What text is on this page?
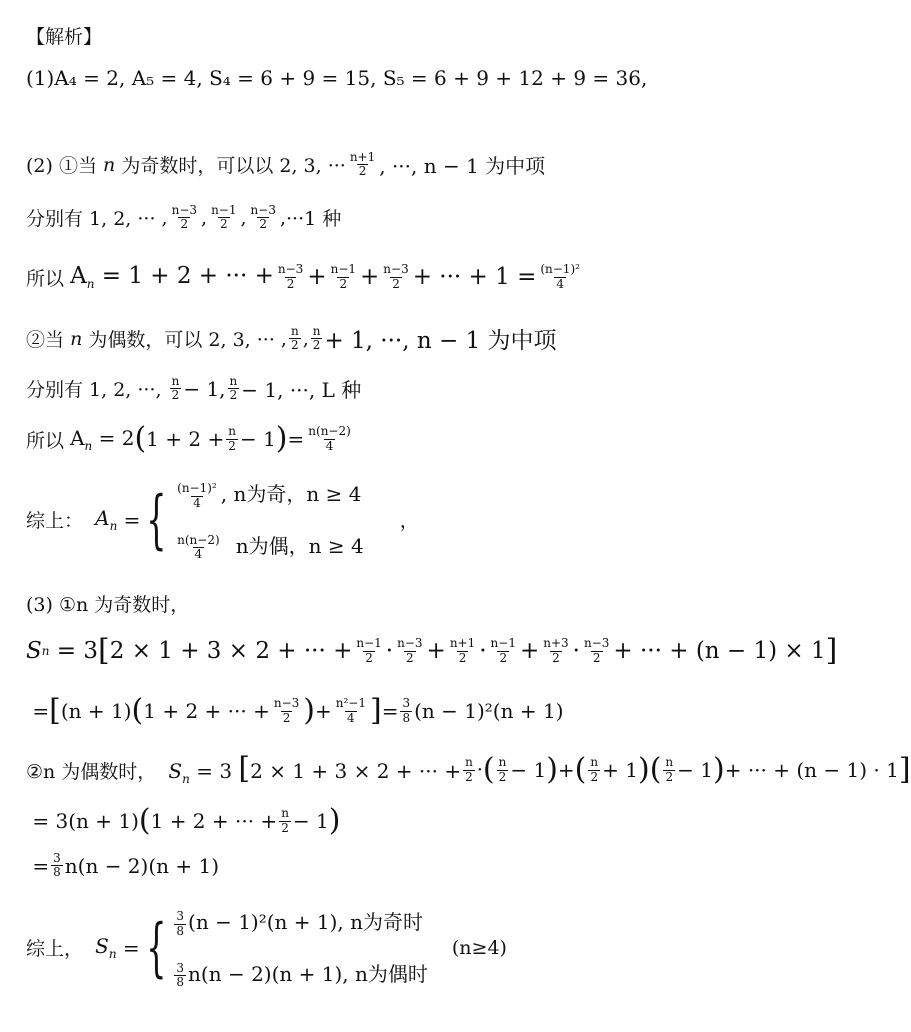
【解析】
(1)A₄ = 2, A₅ = 4, S₄ = 6 + 9 = 15, S₅ = 6 + 9 + 12 + 9 = 36,
(2) ①当
n
为奇数时，可以以 2, 3, ··· $\frac{n+1}{2}$ , ···, n − 1 为中项
分别有 1, 2, ··· , $\frac{n-3}{2}$ , $\frac{n-1}{2}$ , $\frac{n-3}{2}$ , ···1 种
所以
$A_n = 1 + 2$ + ··· + $\frac{n-3}{2} + \frac{n-1}{2} + \frac{n-3}{2}$ + ··· + $1 = \frac{\text{(n−1)²}}{4}$
②当
n
为偶数，可以 2, 3, ··· , $\frac{n}{2}$ , $\frac{n}{2} + 1$, ···, n − 1 为中项
分别有 1, 2, ···,
$\frac{n}{2} - 1$, $\frac{n}{2} - 1$, ···, L 种
所以
$A_n = 2$ ( $1 + 2 + \frac{n}{2} - 1$ ) = $\frac{n(n-2)}{4}$
综上：
$A_n$ = { $\frac{\text{(n−1)²}}{4}$ , n为奇，n ≥ 4
$\frac{n(n-2)}{4}$ n为偶，n ≥ 4
，
(3) ①n 为奇数时，
S n = 3 [ 2 × 1 + 3 × 2 + ··· + $\frac{n-1}{2} \cdot \frac{n-3}{2} + \frac{n+1}{2} \cdot \frac{n-1}{2} + \frac{n+3}{2} \cdot \frac{n-3}{2}$ + ··· + (n − 1) × 1 ]
= [ (n + 1) ( 1 + 2 + ··· + $\frac{n-3}{2}$ ) + $\frac{\text{n²−1}}{4}$ ] = $\frac{3}{8} (n - 1)^2(n + 1)$
②n 为偶数时，
$S_n = 3$ [2 × 1 + 3 × 2 + ··· + $\frac{n}{2}$ · ( $\frac{n}{2} - 1$ ) + ( $\frac{n}{2} + 1$ ) ( $\frac{n}{2} - 1$ ) + ··· + (n − 1) · 1 ]
= 3(n + 1) ( 1 + 2 + ··· + $\frac{n}{2} - 1$ )
= $\frac{3}{8} n(n - 2)(n + 1)$
综上，
$S_n$ = { $\frac{3}{8} (n - 1)^2(n + 1)$, n为奇时
$\frac{3}{8} n(n - 2)(n + 1)$, n为偶时
(n≥4)
